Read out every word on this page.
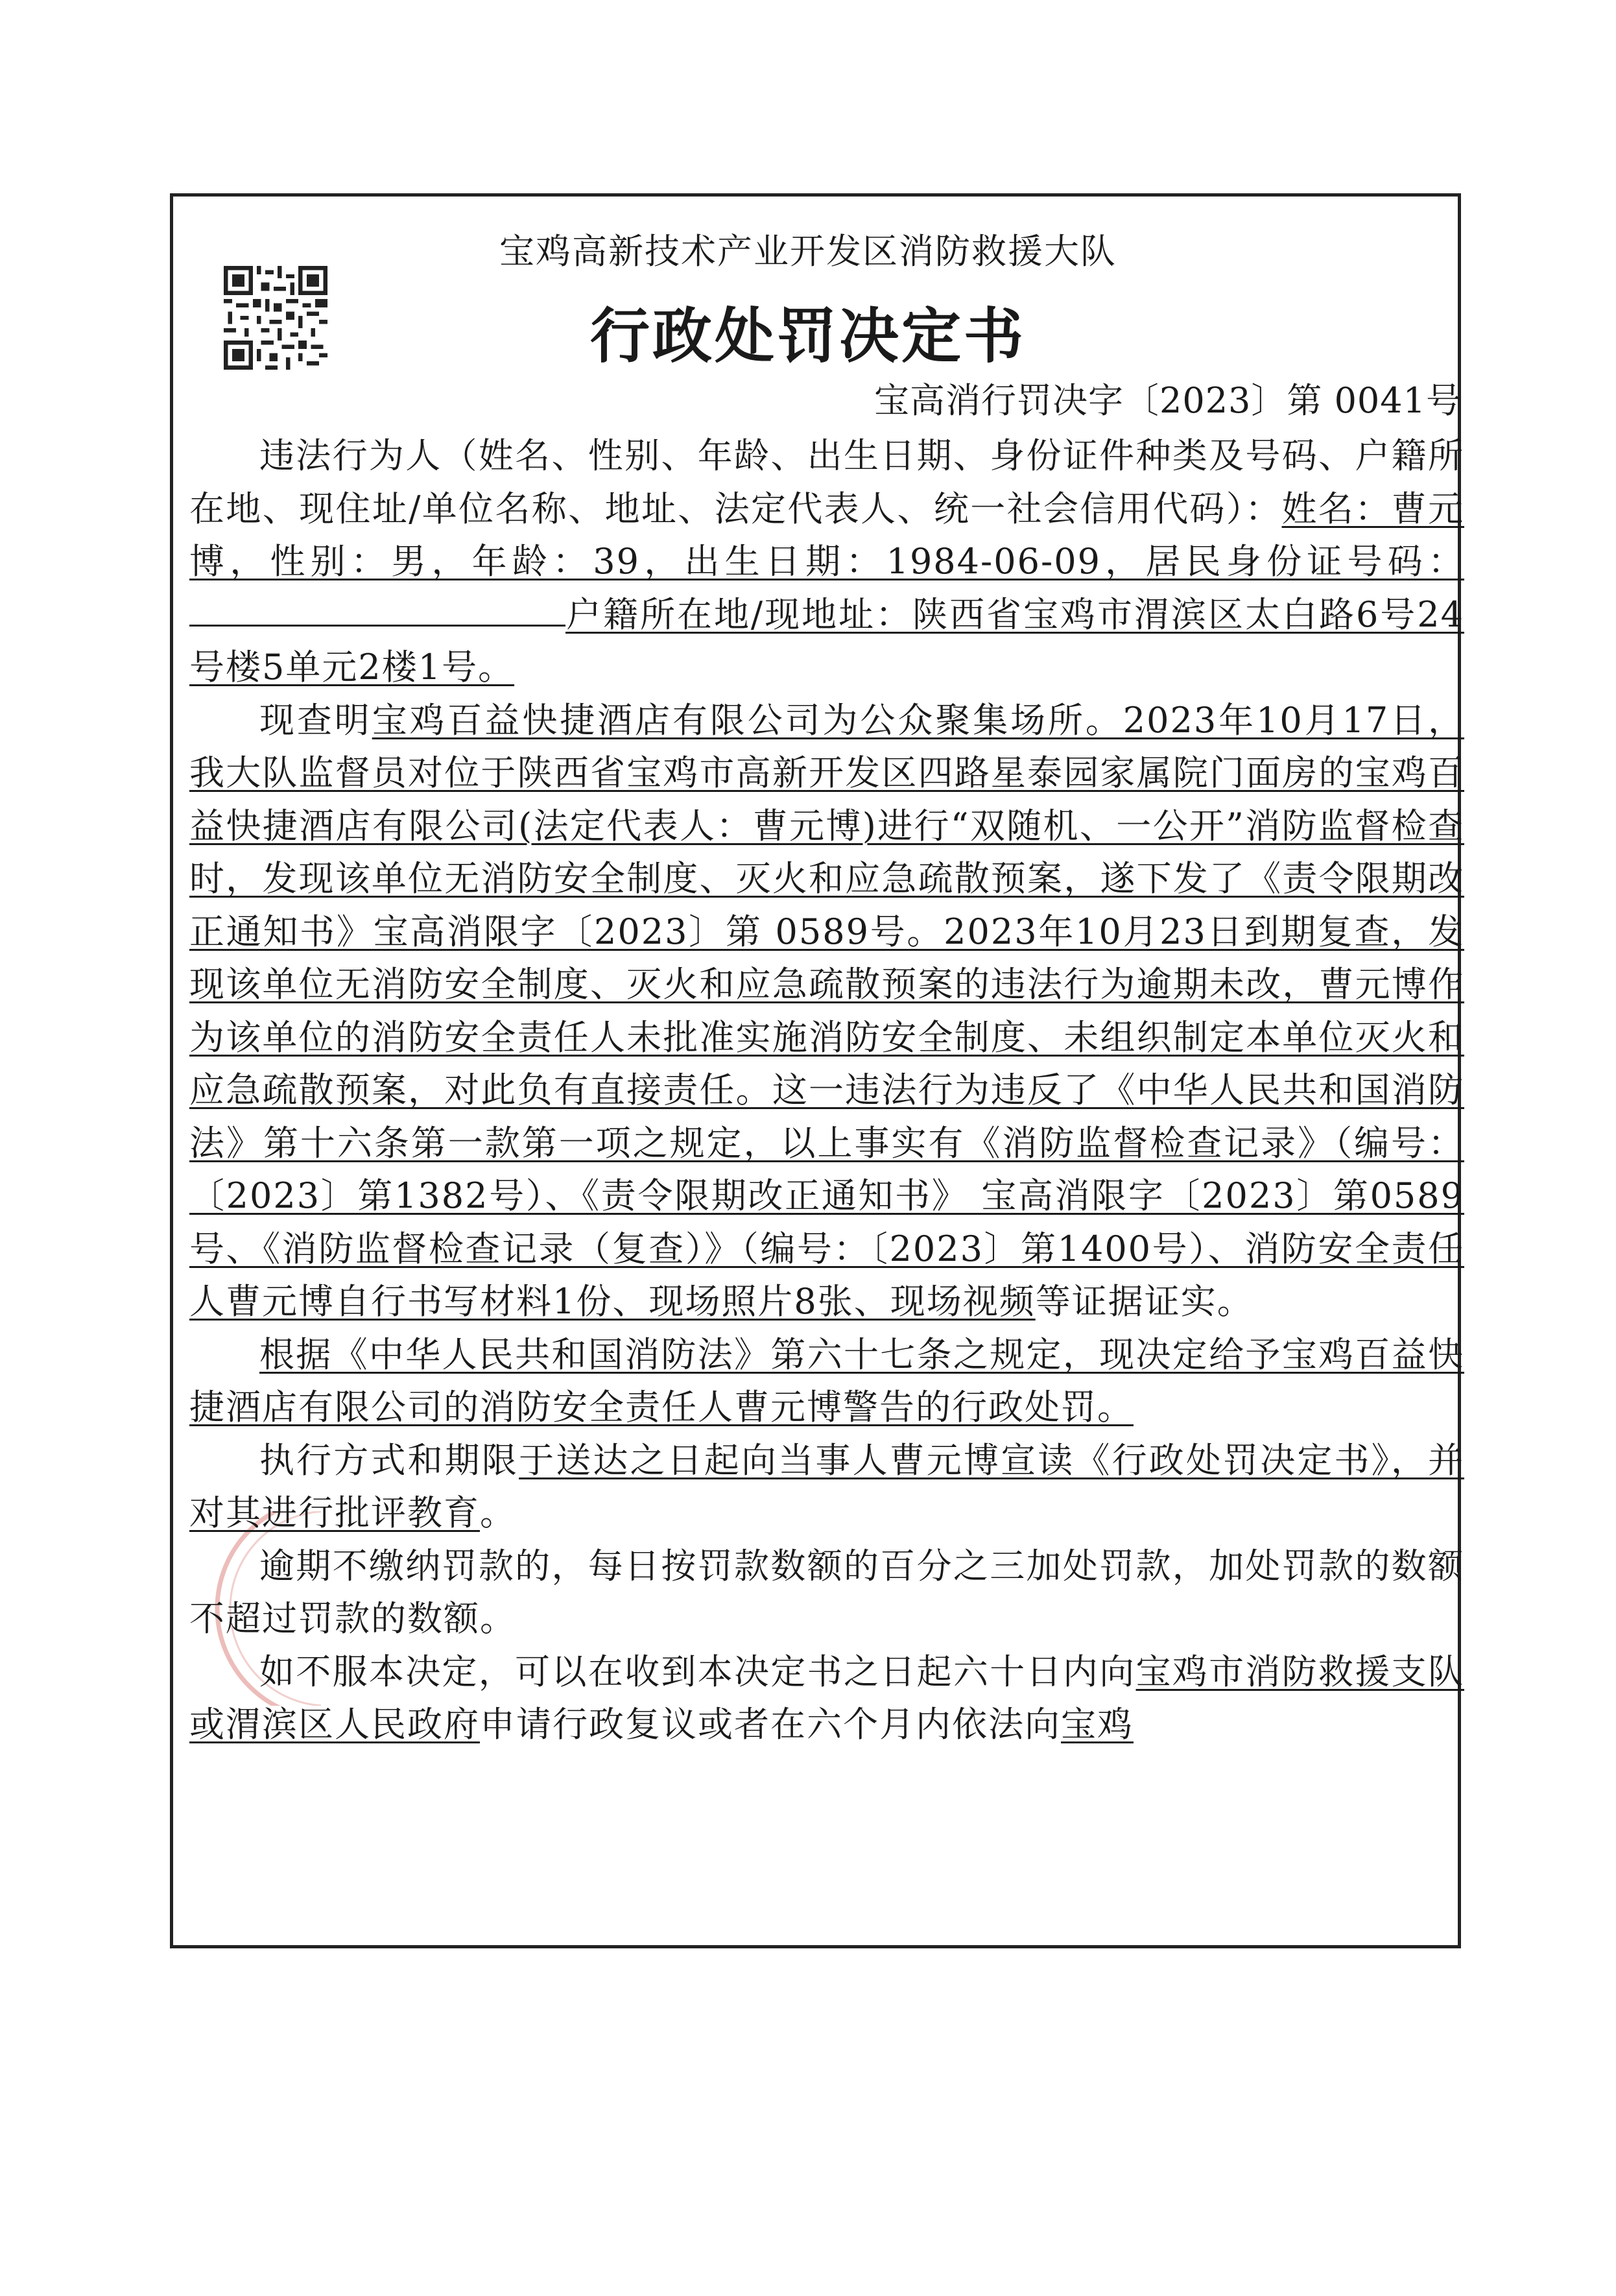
宝鸡高新技术产业开发区消防救援大队
行政处罚决定书
宝高消行罚决字〔2023〕第 0041号

违法行为人（姓名、性别、年龄、出生日期、身份证件种类及号码、户籍所在地、现住址/单位名称、地址、法定代表人、统一社会信用代码）：姓名：曹元博，性别：男，年龄：39，出生日期：1984-06-09，居民身份证号码：户籍所在地/现地址：陕西省宝鸡市渭滨区太白路6号24号楼5单元2楼1号。

现查明宝鸡百益快捷酒店有限公司为公众聚集场所。2023年10月17日，我大队监督员对位于陕西省宝鸡市高新开发区四路星泰园家属院门面房的宝鸡百益快捷酒店有限公司(法定代表人：曹元博)进行“双随机、一公开”消防监督检查时，发现该单位无消防安全制度、灭火和应急疏散预案，遂下发了《责令限期改正通知书》宝高消限字〔2023〕第 0589号。2023年10月23日到期复查，发现该单位无消防安全制度、灭火和应急疏散预案的违法行为逾期未改，曹元博作为该单位的消防安全责任人未批准实施消防安全制度、未组织制定本单位灭火和应急疏散预案，对此负有直接责任。这一违法行为违反了《中华人民共和国消防法》第十六条第一款第一项之规定，以上事实有《消防监督检查记录》（编号：〔2023〕第1382号）、《责令限期改正通知书》 宝高消限字〔2023〕第0589号、《消防监督检查记录（复查）》（编号：〔2023〕第1400号）、消防安全责任人曹元博自行书写材料1份、现场照片8张、现场视频等证据证实。

根据《中华人民共和国消防法》第六十七条之规定，现决定给予宝鸡百益快捷酒店有限公司的消防安全责任人曹元博警告的行政处罚。

执行方式和期限于送达之日起向当事人曹元博宣读《行政处罚决定书》，并对其进行批评教育。

逾期不缴纳罚款的，每日按罚款数额的百分之三加处罚款，加处罚款的数额不超过罚款的数额。

如不服本决定，可以在收到本决定书之日起六十日内向宝鸡市消防救援支队或渭滨区人民政府申请行政复议或者在六个月内依法向宝鸡
